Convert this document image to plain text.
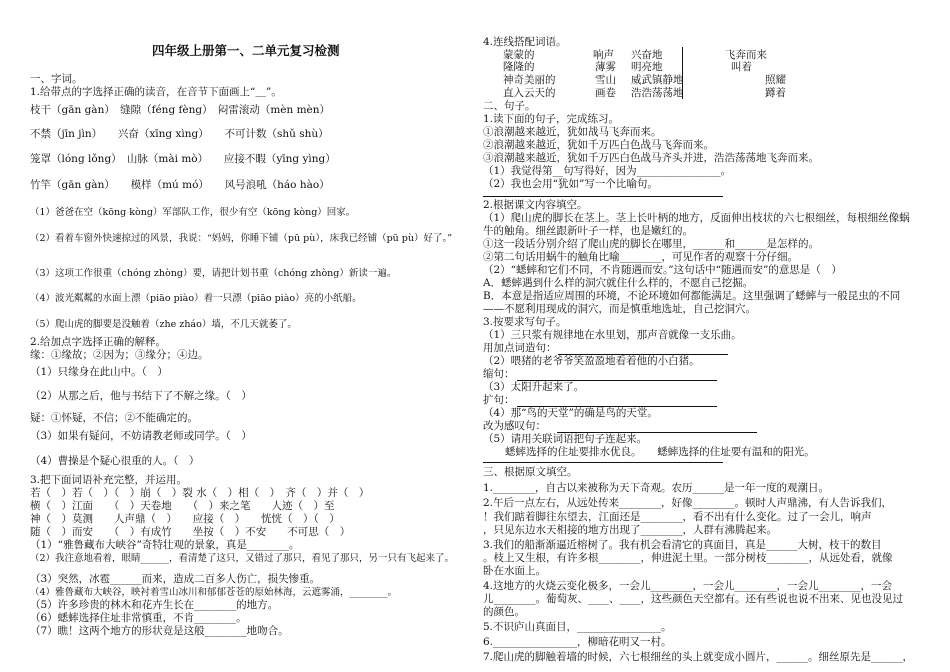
四年级上册第一、二单元复习检测
一、字词。
1.给带点的字选择正确的读音，在音节下面画上“＿”。
枝干（gān gàn）　缝隙（féng fèng）　闷雷滚动（mèn mèn）
不禁（jīn jìn）　　兴奋（xīng xìng）　　不可计数（shǔ shù）
笼罩（lóng lǒng）　山脉（mài mò）　　应接不暇（yīng yìng）
竹竿（gān gàn）　　模样（mú mó）　　风号浪吼（háo hào）
（1）爸爸在空（kōng kòng）军部队工作，很少有空（kōng kòng）回家。
（2）看着车窗外快速掠过的风景，我说：“妈妈，你睡下铺（pū pù），床我已经铺（pū pù）好了。”
（3）这项工作很重（chóng zhòng）要，请把计划书重（chóng zhòng）新读一遍。
（4）波光粼粼的水面上漂（piāo piào）着一只漂（piāo piào）亮的小纸船。
（5）爬山虎的脚要是没触着（zhe zháo）墙，不几天就萎了。
2.给加点字选择正确的解释。
缘：①缘故；②因为；③缘分；④边。
（1）只缘身在此山中。（　）
（2）从那之后，他与书结下了不解之缘。（　）
疑：①怀疑，不信；②不能确定的。
（3）如果有疑问，不妨请教老师或同学。（　）
（4）曹操是个疑心很重的人。（　）
3.把下面词语补充完整，并运用。
若（　）若（　）（　）崩（　）裂 水（　）相（　）　齐（　）并（　）
横（　）江面　　（　）天卷地　　（　）来之笔　　人迹（　）至
神（　）莫测　　人声鼎（　）　　应接（　）　　恍恍（　）（　）
随（　）而安　　（　）有成竹　　坐按（　）不安　　不可思（　）
（1）“雅鲁藏布大峡谷”奇特壮观的景象，真是________。
（2）我注意地看着，眼睛______，看清楚了这只，又错过了那只，看见了那只，另一只有飞起来了。
（3）突然，冰雹______而来，造成二百多人伤亡，损失惨重。
（4）雅鲁藏布大峡谷，映衬着雪山冰川和郁郁苍苍的原始林海，云遮雾涌，________。
（5）许多珍贵的林木和花卉生长在________的地方。
（6）蟋蟀选择住址非常慎重，不肯________。
（7）瞧！这两个地方的形状竟是这般________地吻合。
4.连线搭配词语。
蒙蒙的
隆隆的
神奇美丽的
直入云天的
响声
薄雾
雪山
画卷
兴奋地
明亮地
威武镇静地
浩浩荡荡地
飞奔而来
叫着
照耀
蹲着
二、句子。
1.读下面的句子，完成练习。
①浪潮越来越近，犹如战马飞奔而来。
②浪潮越来越近，犹如千万匹白色战马飞奔而来。
③浪潮越来越近，犹如千万匹白色战马齐头并进，浩浩荡荡地飞奔而来。
（1）我觉得第__句写得好，因为________________。
（2）我也会用“犹如”写一个比喻句。
2.根据课文内容填空。
（1）爬山虎的脚长在茎上。茎上长叶柄的地方，反面伸出枝状的六七根细丝，每根细丝像蜗
牛的触角。细丝跟新叶子一样，也是嫩红的。
①这一段话分别介绍了爬山虎的脚长在哪里，______和______是怎样的。
②第二句话用蜗牛的触角比喻________，可见作者的观察十分仔细。
（2）“蟋蟀和它们不同，不肯随遇而安。”这句话中“随遇而安”的意思是（　）
A．蟋蟀遇到什么样的洞穴就住什么样的，不愿自己挖掘。
B．本意是指适应周围的环境，不论环境如何都能满足。这里强调了蟋蟀与一般昆虫的不同
——不愿利用现成的洞穴，而是慎重地选址，自己挖洞穴。
3.按要求写句子。
（1）三只浆有规律地在水里划，那声音就像一支乐曲。
用加点词造句：
（2）喂猪的老爷爷笑盈盈地看着他的小白猪。
缩句：
（3）太阳升起来了。
扩句：
（4）那“鸟的天堂”的确是鸟的天堂。
改为感叹句：
（5）请用关联词语把句子连起来。
蟋蟀选择的住址要排水优良。　　蟋蟀选择的住址要有温和的阳光。
三、根据原文填空。
1.________，自古以来被称为天下奇观。农历______是一年一度的观潮日。
2.午后一点左右，从远处传来________，好像________。顿时人声鼎沸，有人告诉我们，
！我们踮着脚往东望去，江面还是________，看不出有什么变化。过了一会儿，响声
，只见东边水天相接的地方出现了________，人群有沸腾起来。
3.我们的船渐渐逼近榕树了。我有机会看清它的真面目，真是______大树，枝干的数目
。枝上又生根，有许多根________，伸进泥土里。一部分树枝________，从远处看，就像
卧在水面上。
4.这地方的火烧云变化极多，一会儿________，一会儿________，一会儿________，一会
儿________。葡萄灰、____、____，这些颜色天空都有。还有些说也说不出来、见也没见过
的颜色。
5.不识庐山真面目，________________。
6.________________，柳暗花明又一村。
7.爬山虎的脚触着墙的时候，六七根细丝的头上就变成小圆片，______。细丝原先是______，
